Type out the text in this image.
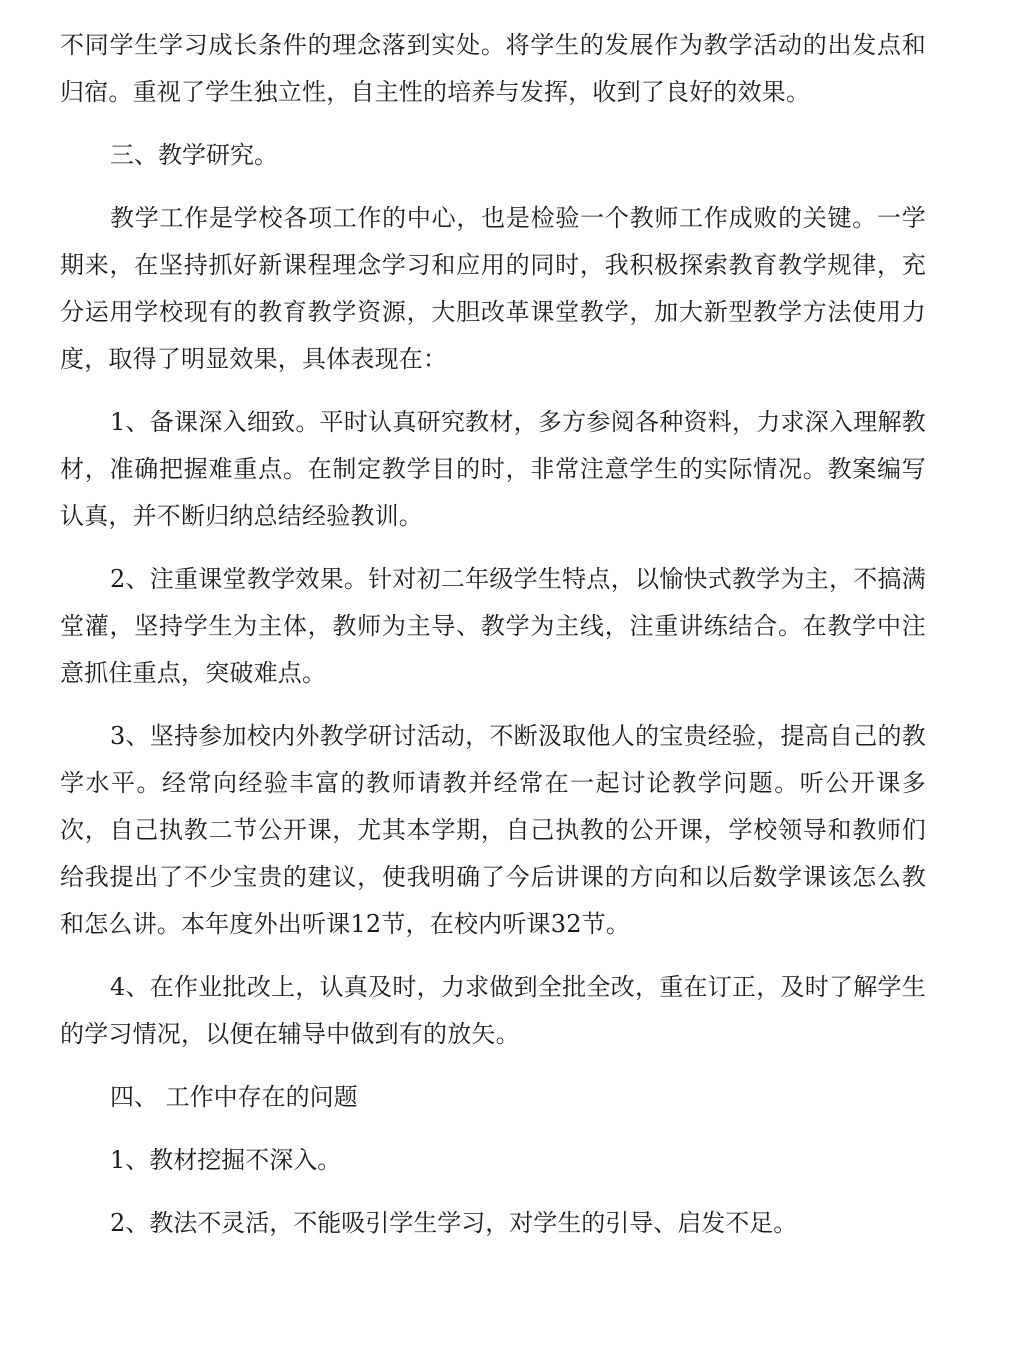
不同学生学习成长条件的理念落到实处。将学生的发展作为教学活动的出发点和归宿。重视了学生独立性，自主性的培养与发挥，收到了良好的效果。

三、教学研究。

教学工作是学校各项工作的中心，也是检验一个教师工作成败的关键。一学期来，在坚持抓好新课程理念学习和应用的同时，我积极探索教育教学规律，充分运用学校现有的教育教学资源，大胆改革课堂教学，加大新型教学方法使用力度，取得了明显效果，具体表现在：

1、备课深入细致。平时认真研究教材，多方参阅各种资料，力求深入理解教材，准确把握难重点。在制定教学目的时，非常注意学生的实际情况。教案编写认真，并不断归纳总结经验教训。

2、注重课堂教学效果。针对初二年级学生特点，以愉快式教学为主，不搞满堂灌，坚持学生为主体，教师为主导、教学为主线，注重讲练结合。在教学中注意抓住重点，突破难点。

3、坚持参加校内外教学研讨活动，不断汲取他人的宝贵经验，提高自己的教学水平。经常向经验丰富的教师请教并经常在一起讨论教学问题。听公开课多次，自己执教二节公开课，尤其本学期，自己执教的公开课，学校领导和教师们给我提出了不少宝贵的建议，使我明确了今后讲课的方向和以后数学课该怎么教和怎么讲。本年度外出听课12节，在校内听课32节。

4、在作业批改上，认真及时，力求做到全批全改，重在订正，及时了解学生的学习情况，以便在辅导中做到有的放矢。

四、 工作中存在的问题

1、教材挖掘不深入。

2、教法不灵活，不能吸引学生学习，对学生的引导、启发不足。
